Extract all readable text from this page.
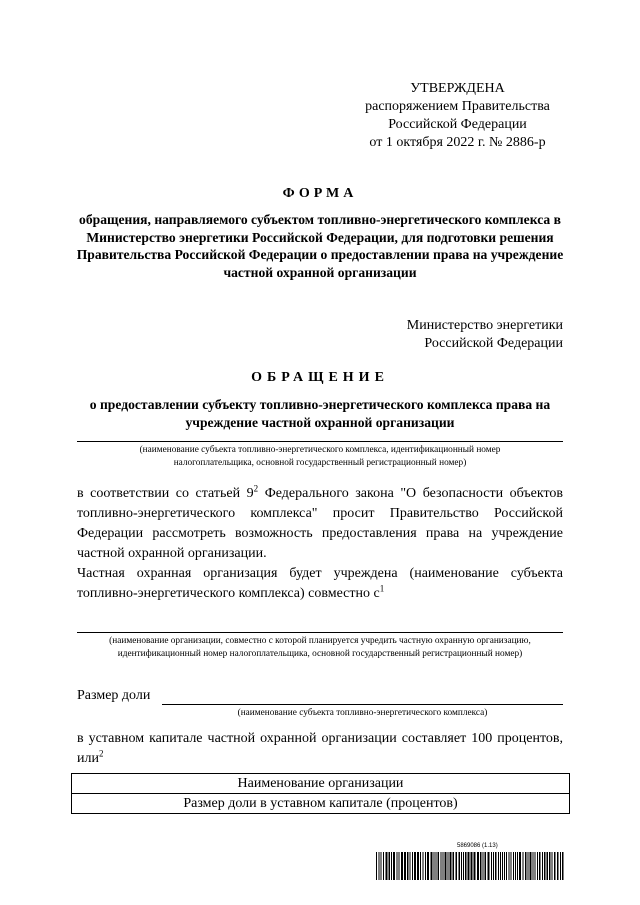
УТВЕРЖДЕНА
распоряжением Правительства
Российской Федерации
от 1 октября 2022 г. № 2886-р
ФОРМА
обращения, направляемого субъектом топливно-энергетического комплекса в Министерство энергетики Российской Федерации, для подготовки решения Правительства Российской Федерации о предоставлении права на учреждение частной охранной организации
Министерство энергетики
Российской Федерации
ОБРАЩЕНИЕ
о предоставлении субъекту топливно-энергетического комплекса права на учреждение частной охранной организации
(наименование субъекта топливно-энергетического комплекса, идентификационный номер налогоплательщика, основной государственный регистрационный номер)
в соответствии со статьей $9^2$ Федерального закона "О безопасности объектов топливно-энергетического комплекса" просит Правительство Российской Федерации рассмотреть возможность предоставления права на учреждение частной охранной организации.
Частная охранная организация будет учреждена (наименование субъекта топливно-энергетического комплекса) совместно $с^1$
(наименование организации, совместно с которой планируется учредить частную охранную организацию, идентификационный номер налогоплательщика, основной государственный регистрационный номер)
Размер доли
(наименование субъекта топливно-энергетического комплекса)
в уставном капитале частной охранной организации составляет 100 процентов, или$^2$
Наименование организации
Размер доли в уставном капитале (процентов)
5869086 (1.13)
